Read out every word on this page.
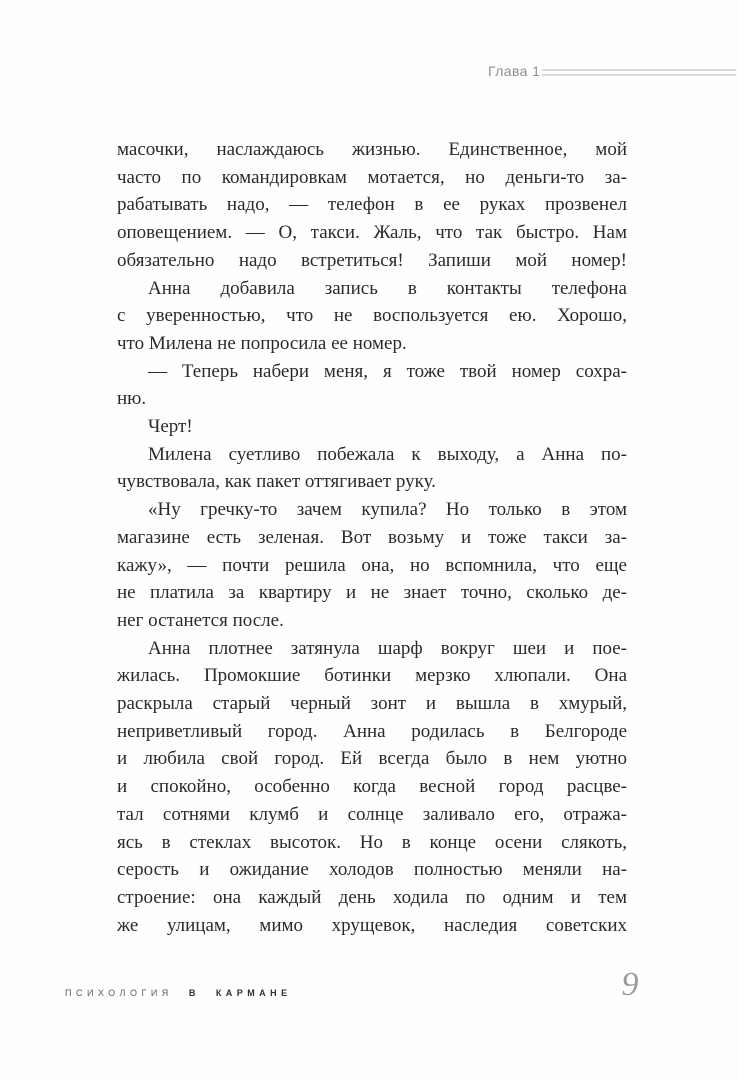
Глава 1
масочки, наслаждаюсь жизнью. Единственное, мой
часто по командировкам мотается, но деньги-то за-
рабатывать надо, — телефон в ее руках прозвенел
оповещением. — О, такси. Жаль, что так быстро. Нам
обязательно надо встретиться! Запиши мой номер!
Анна добавила запись в контакты телефона
с уверенностью, что не воспользуется ею. Хорошо,
что Милена не попросила ее номер.
— Теперь набери меня, я тоже твой номер сохра-
ню.
Черт!
Милена суетливо побежала к выходу, а Анна по-
чувствовала, как пакет оттягивает руку.
«Ну гречку-то зачем купила? Но только в этом
магазине есть зеленая. Вот возьму и тоже такси за-
кажу», — почти решила она, но вспомнила, что еще
не платила за квартиру и не знает точно, сколько де-
нег останется после.
Анна плотнее затянула шарф вокруг шеи и пое-
жилась. Промокшие ботинки мерзко хлюпали. Она
раскрыла старый черный зонт и вышла в хмурый,
неприветливый город. Анна родилась в Белгороде
и любила свой город. Ей всегда было в нем уютно
и спокойно, особенно когда весной город расцве-
тал сотнями клумб и солнце заливало его, отража-
ясь в стеклах высоток. Но в конце осени слякоть,
серость и ожидание холодов полностью меняли на-
строение: она каждый день ходила по одним и тем
же улицам, мимо хрущевок, наследия советских
ПСИХОЛОГИЯ В КАРМАНЕ	9
